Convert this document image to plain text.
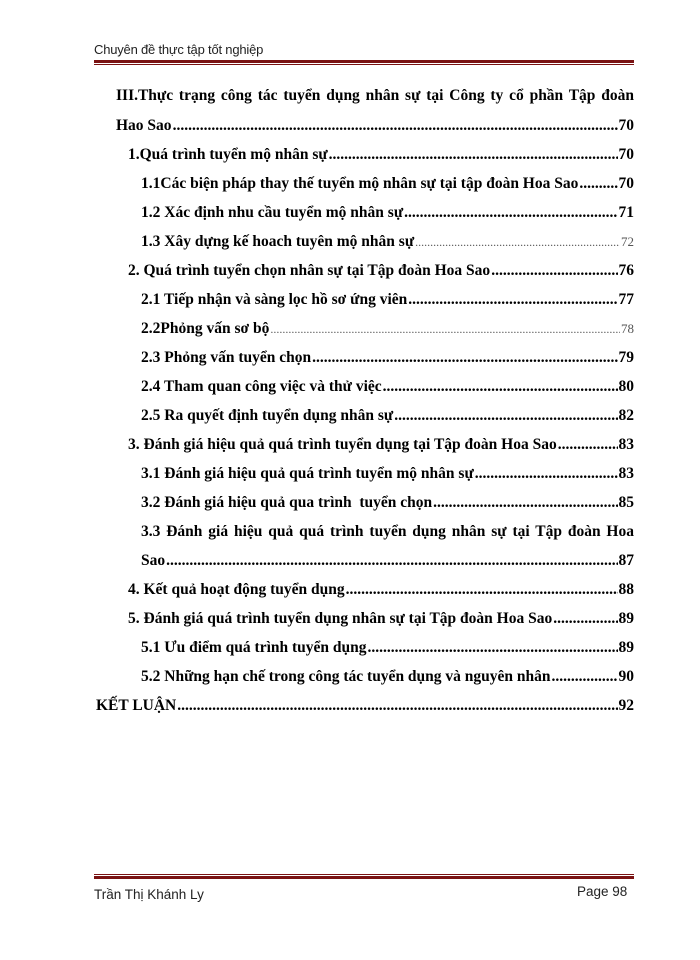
Chuyên đề thực tập tốt nghiệp
III.Thực trạng công tác tuyển dụng nhân sự tại Công ty cổ phần Tập đoàn
Hao Sao .....	70
1.Quá trình tuyển mộ nhân sự .....	70
1.1Các biện pháp thay thế tuyển mộ nhân sự tại tập đoàn Hoa Sao .....	70
1.2 Xác định nhu cầu tuyển mộ nhân sự .....	71
1.3 Xây dựng kế hoach tuyên mộ nhân sự .....	72
2. Quá trình tuyển chọn nhân sự tại Tập đoàn Hoa Sao .....	76
2.1 Tiếp nhận và sàng lọc hồ sơ ứng viên .....	77
2.2Phỏng vấn sơ bộ .....	78
2.3 Phỏng vấn tuyển chọn .....	79
2.4 Tham quan công việc và thử việc .....	80
2.5 Ra quyết định tuyển dụng nhân sự .....	82
3. Đánh giá hiệu quả quá trình tuyển dụng tại Tập đoàn Hoa Sao .....	83
3.1 Đánh giá hiệu quả quá trình tuyển mộ nhân sự .....	83
3.2 Đánh giá hiệu quả qua trình  tuyển chọn .....	85
3.3 Đánh giá hiệu quả quá trình tuyển dụng nhân sự tại Tập đoàn Hoa
Sao .....	87
4. Kết quả hoạt động tuyển dụng .....	88
5. Đánh giá quá trình tuyển dụng nhân sự tại Tập đoàn Hoa Sao .....	89
5.1 Ưu điểm quá trình tuyển dụng .....	89
5.2 Những hạn chế trong công tác tuyển dụng và nguyên nhân .....	90
KẾT LUẬN .....	92
Trần Thị Khánh Ly	Page 98
